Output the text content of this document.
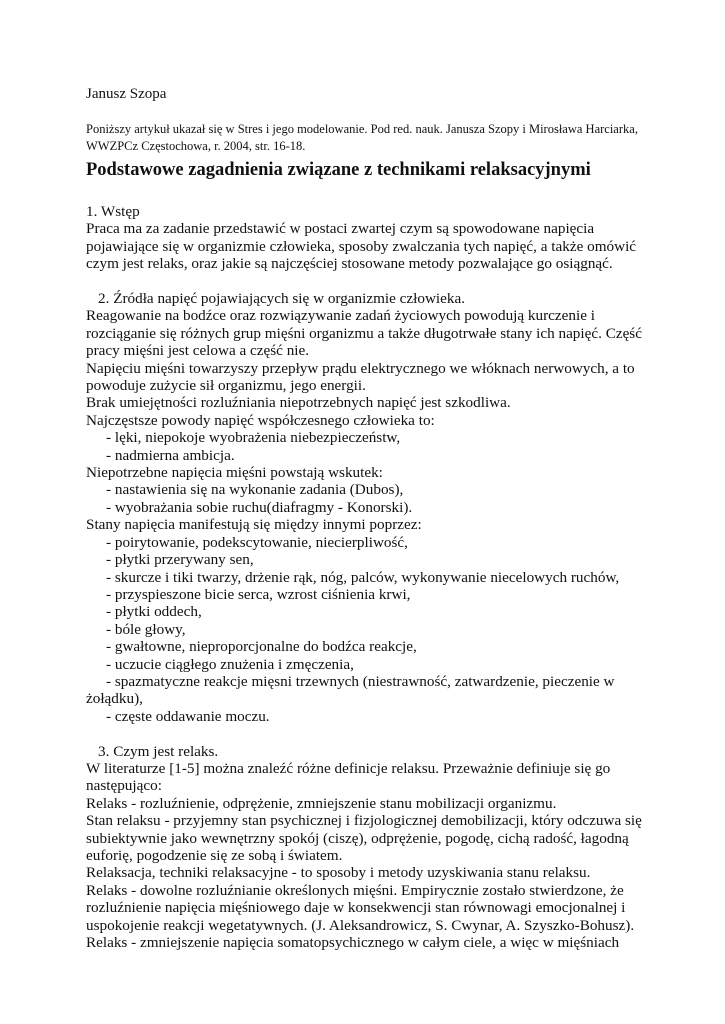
Janusz Szopa
Poniższy artykuł ukazał się w Stres i jego modelowanie. Pod red. nauk. Janusza Szopy i Mirosława Harciarka, WWZPCz Częstochowa, r. 2004, str. 16-18.
Podstawowe zagadnienia związane z technikami relaksacyjnymi

1. Wstęp

Praca ma za zadanie przedstawić w postaci zwartej czym są spowodowane napięcia pojawiające się w organizmie człowieka, sposoby zwalczania tych napięć, a także omówić czym jest relaks, oraz jakie są najczęściej stosowane metody pozwalające go osiągnąć.

2. Źródła napięć pojawiających się w organizmie człowieka.

Reagowanie na bodźce oraz rozwiązywanie zadań życiowych powodują kurczenie i rozciąganie się różnych grup mięśni organizmu a także długotrwałe stany ich napięć. Część pracy mięśni jest celowa a część nie.

Napięciu mięśni towarzyszy przepływ prądu elektrycznego we włóknach nerwowych, a to powoduje zużycie sił organizmu, jego energii.

Brak umiejętności rozluźniania niepotrzebnych napięć jest szkodliwa.

Najczęstsze powody napięć współczesnego człowieka to:

- lęki, niepokoje wyobrażenia niebezpieczeństw,

- nadmierna ambicja.

Niepotrzebne napięcia mięśni powstają wskutek:

- nastawienia się na wykonanie zadania (Dubos),

- wyobrażania sobie ruchu(diafragmy - Konorski).

Stany napięcia manifestują się między innymi poprzez:

- poirytowanie, podekscytowanie, niecierpliwość,

- płytki przerywany sen,

- skurcze i tiki twarzy, drżenie rąk, nóg, palców, wykonywanie niecelowych ruchów,

- przyspieszone bicie serca, wzrost ciśnienia krwi,

- płytki oddech,

- bóle głowy,

- gwałtowne, nieproporcjonalne do bodźca reakcje,

- uczucie ciągłego znużenia i zmęczenia,

- spazmatyczne reakcje mięsni trzewnych (niestrawność, zatwardzenie, pieczenie w żołądku),

- częste oddawanie moczu.

3. Czym jest relaks.

W literaturze [1-5] można znaleźć różne definicje relaksu. Przeważnie definiuje się go następująco:

Relaks - rozluźnienie, odprężenie, zmniejszenie stanu mobilizacji organizmu.

Stan relaksu - przyjemny stan psychicznej i fizjologicznej demobilizacji, który odczuwa się subiektywnie jako wewnętrzny spokój (ciszę), odprężenie, pogodę, cichą radość, łagodną euforię, pogodzenie się ze sobą i światem.

Relaksacja, techniki relaksacyjne - to sposoby i metody uzyskiwania stanu relaksu.

Relaks - dowolne rozluźnianie określonych mięśni. Empirycznie zostało stwierdzone, że rozluźnienie napięcia mięśniowego daje w konsekwencji stan równowagi emocjonalnej i uspokojenie reakcji wegetatywnych. (J. Aleksandrowicz, S. Cwynar, A. Szyszko-Bohusz).

Relaks - zmniejszenie napięcia somatopsychicznego w całym ciele, a więc w mięśniach
